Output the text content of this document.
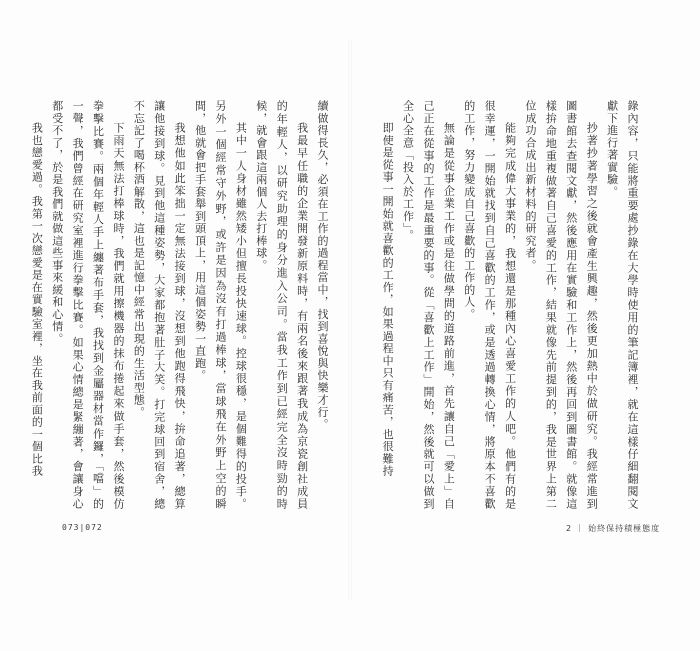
續做得長久，必須在工作的過程當中，找到喜悅與快樂才行。

我最早任職的企業開發新原料時，有兩名後來跟著我成為京瓷創社成員的年輕人，以研究助理的身分進入公司。當我工作到已經完全沒時勁的時候，就會跟這兩個人去打棒球。

其中一人身材雖然矮小但擅長投快速球。控球很穩，是個難得的投手。另外一個經常守外野，或許是因為沒有打過棒球，當球飛在外野上空的瞬間，他就會把手套舉到頭頂上，用這個姿勢一直跑。

我想他如此笨拙一定無法接到球，沒想到他跑得飛快，拚命追著，總算讓他接到球。見到他這種姿勢，大家都抱著肚子大笑。打完球回到宿舍，總不忘記了喝杯酒解散，這也是記憶中經常出現的生活型態。

下雨天無法打棒球時，我們就用擦機器的抹布捲起來做手套，然後模仿拳擊比賽。兩個年輕人手上纏著布手套，我找到金屬器材當作鑼，「噹」的一聲，我們曾經在研究室裡進行拳擊比賽。如果心情總是緊繃著，會讓身心都受不了，於是我們就做這些事來緩和心情。

我也戀愛過。我第一次戀愛是在實驗室裡，坐在我前面的一個比我	錄內容，只能將重要處抄錄在大學時使用的筆記簿裡，就在這樣仔細翻閱文獻下進行著實驗。

抄著抄著學習之後就會產生興趣，然後更加熱中於做研究。我經常進到圖書館去查閱文獻，然後應用在實驗和工作上，然後再回到圖書館。就像這樣拚命地重複做著自己喜愛的工作，結果就像先前提到的，我是世界上第二位成功合成出新材料的研究者。

能夠完成偉大事業的，我想還是那種內心喜愛工作的人吧。他們有的是很幸運，一開始就找到自己喜歡的工作，或是透過轉換心情，將原本不喜歡的工作，努力變成自己喜歡的工作的人。

無論是從事企業工作或是往做學問的道路前進，首先讓自己「愛上」自己正在從事的工作是最重要的事。從「喜歡上工作」開始，然後就可以做到全心全意「投入於工作」。

即使是從事一開始就喜歡的工作，如果過程中只有痛苦，也很難持

073|072	2 ｜ 始終保持積極態度
